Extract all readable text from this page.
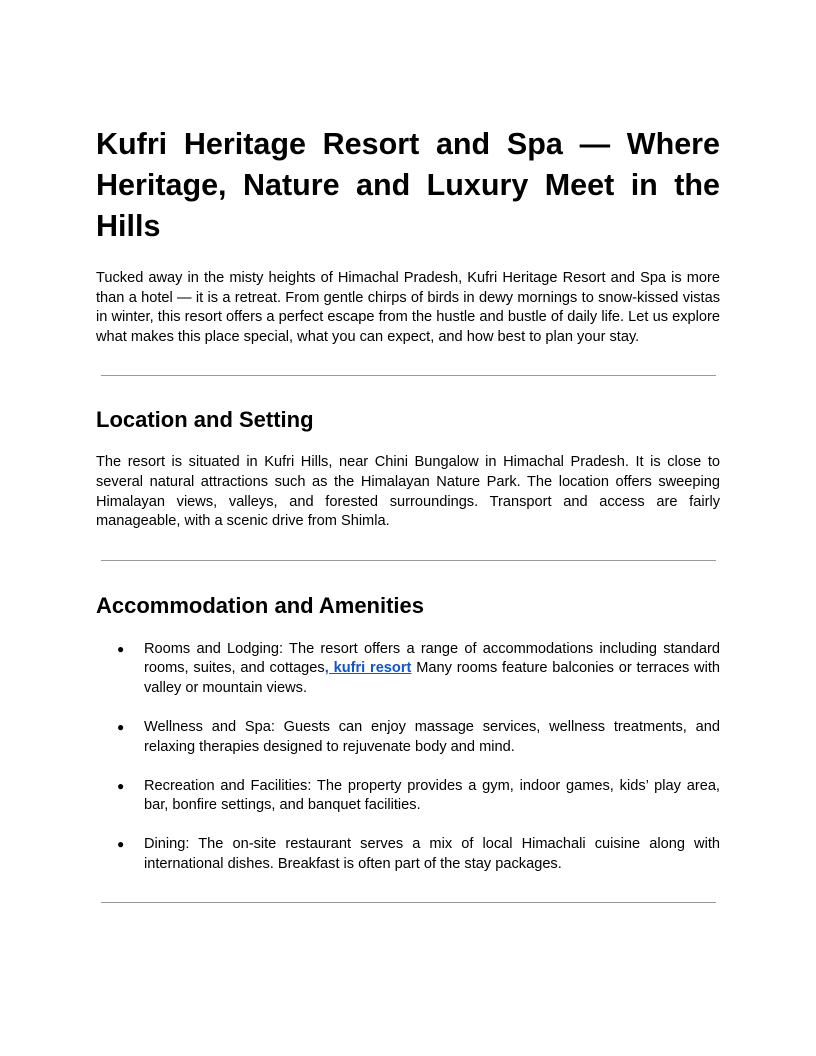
Kufri Heritage Resort and Spa — Where Heritage, Nature and Luxury Meet in the Hills

Tucked away in the misty heights of Himachal Pradesh, Kufri Heritage Resort and Spa is more than a hotel — it is a retreat. From gentle chirps of birds in dewy mornings to snow-kissed vistas in winter, this resort offers a perfect escape from the hustle and bustle of daily life. Let us explore what makes this place special, what you can expect, and how best to plan your stay.

Location and Setting

The resort is situated in Kufri Hills, near Chini Bungalow in Himachal Pradesh. It is close to several natural attractions such as the Himalayan Nature Park. The location offers sweeping Himalayan views, valleys, and forested surroundings. Transport and access are fairly manageable, with a scenic drive from Shimla.

Accommodation and Amenities
● Rooms and Lodging: The resort offers a range of accommodations including standard rooms, suites, and cottages, kufri resort Many rooms feature balconies or terraces with valley or mountain views.
● Wellness and Spa: Guests can enjoy massage services, wellness treatments, and relaxing therapies designed to rejuvenate body and mind.
● Recreation and Facilities: The property provides a gym, indoor games, kids’ play area, bar, bonfire settings, and banquet facilities.
● Dining: The on-site restaurant serves a mix of local Himachali cuisine along with international dishes. Breakfast is often part of the stay packages.
